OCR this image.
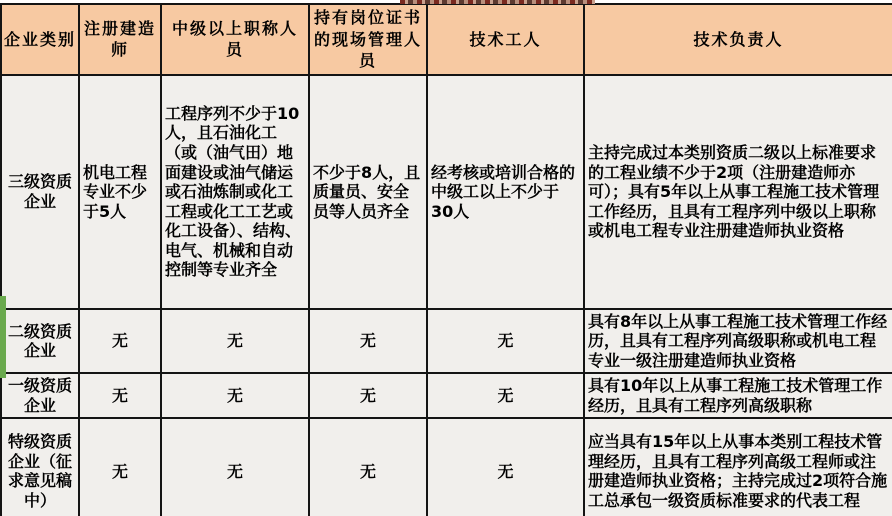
企业类别	注册建造师	中级以上职称人员	持有岗位证书的现场管理人员	技术工人	技术负责人
三级资质企业	机电工程专业不少于5人	工程序列不少于10人，且石油化工（或（油气田）地面建设或油气储运或石油炼制或化工工程或化工工艺或化工设备）、结构、电气、机械和自动控制等专业齐全	不少于8人，且质量员、安全员等人员齐全	经考核或培训合格的中级工以上不少于30人	主持完成过本类别资质二级以上标准要求的工程业绩不少于2项（注册建造师亦可）；具有5年以上从事工程施工技术管理工作经历，且具有工程序列中级以上职称或机电工程专业注册建造师执业资格
二级资质企业	无	无	无	无	具有8年以上从事工程施工技术管理工作经历，且具有工程序列高级职称或机电工程专业一级注册建造师执业资格
一级资质企业	无	无	无	无	具有10年以上从事工程施工技术管理工作经历，且具有工程序列高级职称
特级资质企业（征求意见稿中）	无	无	无	无	应当具有15年以上从事本类别工程技术管理经历，且具有工程序列高级工程师或注册建造师执业资格；主持完成过2项符合施工总承包一级资质标准要求的代表工程
